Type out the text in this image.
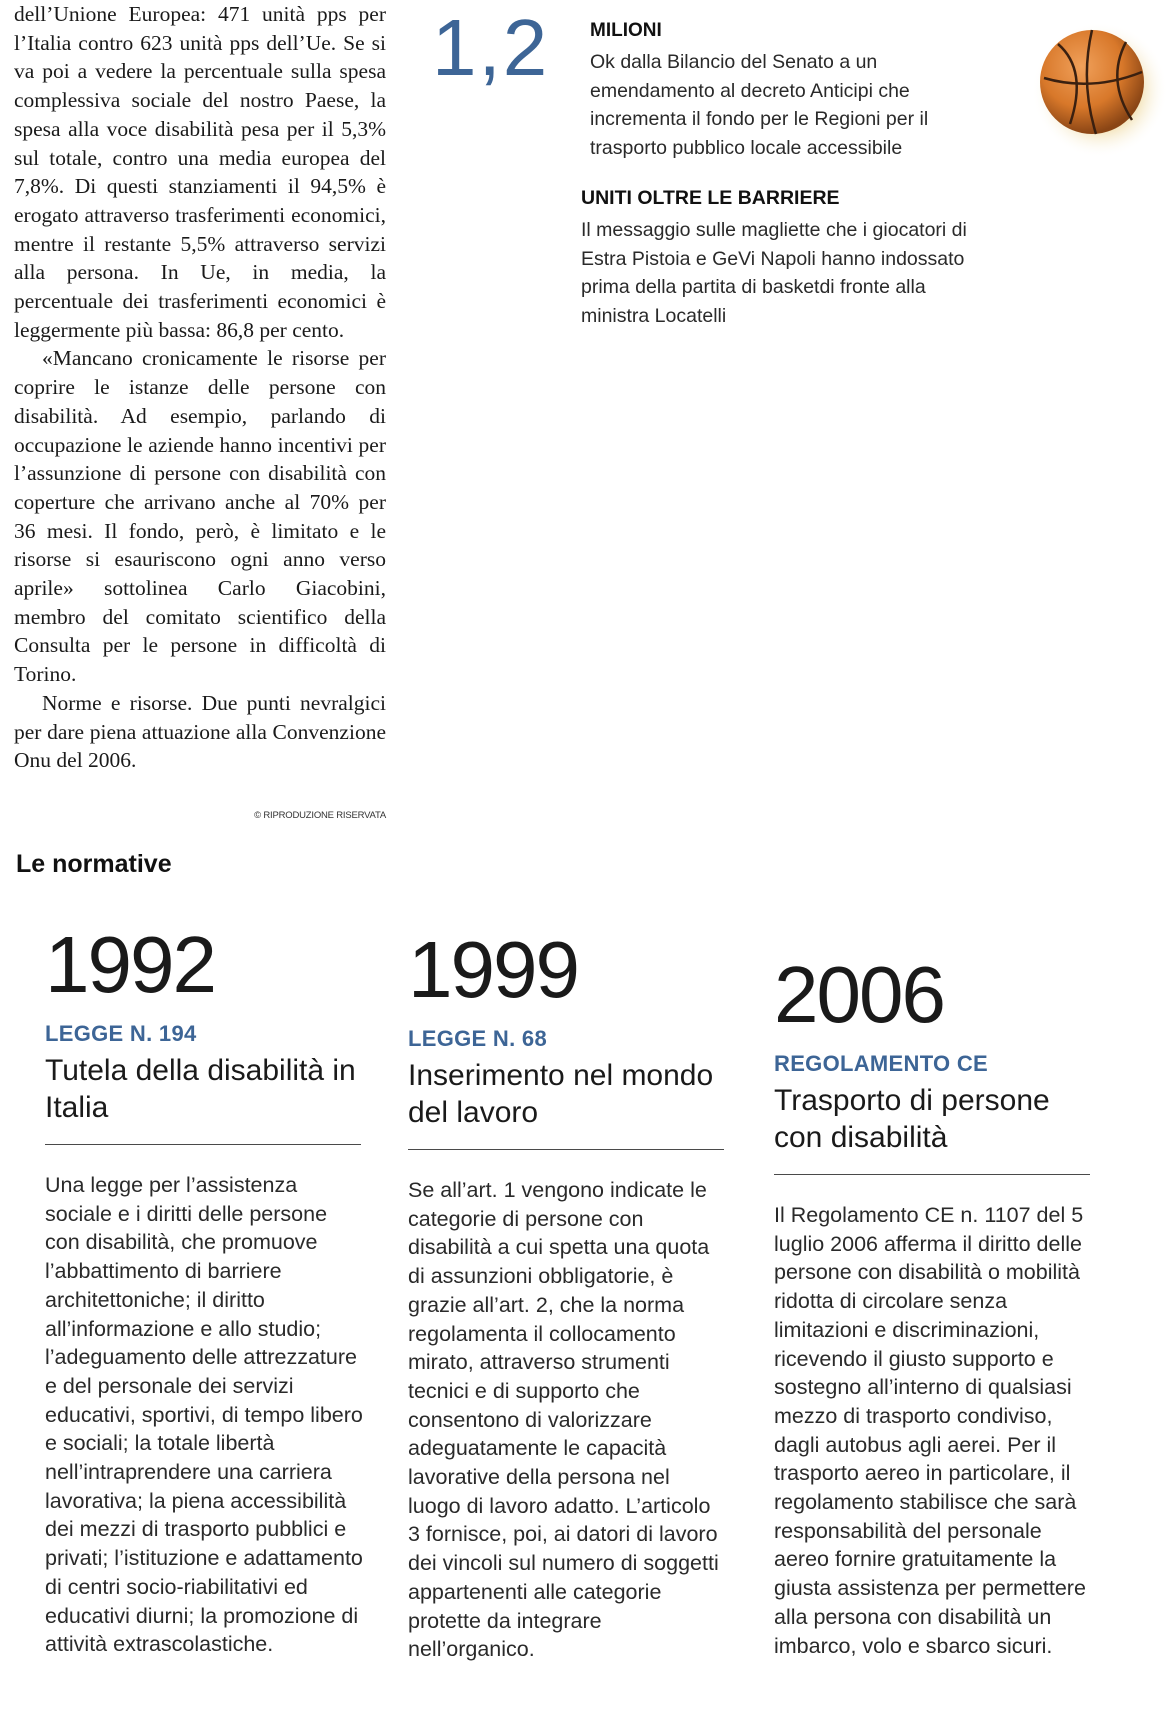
dell’Unione Europea: 471 unità pps per l’Italia contro 623 unità pps dell’Ue. Se si va poi a vedere la percentuale sulla spesa complessiva sociale del nostro Paese, la spesa alla voce disabilità pesa per il 5,3% sul totale, contro una media europea del 7,8%. Di questi stanziamenti il 94,5% è erogato attraverso trasferimenti economici, mentre il restante 5,5% attraverso servizi alla persona. In Ue, in media, la percentuale dei trasferimenti economici è leggermente più bassa: 86,8 per cento.

«Mancano cronicamente le risorse per coprire le istanze delle persone con disabilità. Ad esempio, parlando di occupazione le aziende hanno incentivi per l’assunzione di persone con disabilità con coperture che arrivano anche al 70% per 36 mesi. Il fondo, però, è limitato e le risorse si esauriscono ogni anno verso aprile» sottolinea Carlo Giacobini, membro del comitato scientifico della Consulta per le persone in difficoltà di Torino.

Norme e risorse. Due punti nevralgici per dare piena attuazione alla Convenzione Onu del 2006.

© RIPRODUZIONE RISERVATA
1,2 MILIONI
Ok dalla Bilancio del Senato a un emendamento al decreto Anticipi che incrementa il fondo per le Regioni per il trasporto pubblico locale accessibile
UNITI OLTRE LE BARRIERE
Il messaggio sulle magliette che i giocatori di Estra Pistoia e GeVi Napoli hanno indossato prima della partita di basketdi fronte alla ministra Locatelli
Le normative
1992
LEGGE N. 194
Tutela della disabilità in Italia
Una legge per l’assistenza sociale e i diritti delle persone con disabilità, che promuove l’abbattimento di barriere architettoniche; il diritto all’informazione e allo studio; l’adeguamento delle attrezzature e del personale dei servizi educativi, sportivi, di tempo libero e sociali; la totale libertà nell’intraprendere una carriera lavorativa; la piena accessibilità dei mezzi di trasporto pubblici e privati; l’istituzione e adattamento di centri socio-riabilitativi ed educativi diurni; la promozione di attività extrascolastiche.
1999
LEGGE N. 68
Inserimento nel mondo del lavoro
Se all’art. 1 vengono indicate le categorie di persone con disabilità a cui spetta una quota di assunzioni obbligatorie, è grazie all’art. 2, che la norma regolamenta il collocamento mirato, attraverso strumenti tecnici e di supporto che consentono di valorizzare adeguatamente le capacità lavorative della persona nel luogo di lavoro adatto. L’articolo 3 fornisce, poi, ai datori di lavoro dei vincoli sul numero di soggetti appartenenti alle categorie protette da integrare nell’organico.
2006
REGOLAMENTO CE
Trasporto di persone con disabilità
Il Regolamento CE n. 1107 del 5 luglio 2006 afferma il diritto delle persone con disabilità o mobilità ridotta di circolare senza limitazioni e discriminazioni, ricevendo il giusto supporto e sostegno all’interno di qualsiasi mezzo di trasporto condiviso, dagli autobus agli aerei. Per il trasporto aereo in particolare, il regolamento stabilisce che sarà responsabilità del personale aereo fornire gratuitamente la giusta assistenza per permettere alla persona con disabilità un imbarco, volo e sbarco sicuri.
